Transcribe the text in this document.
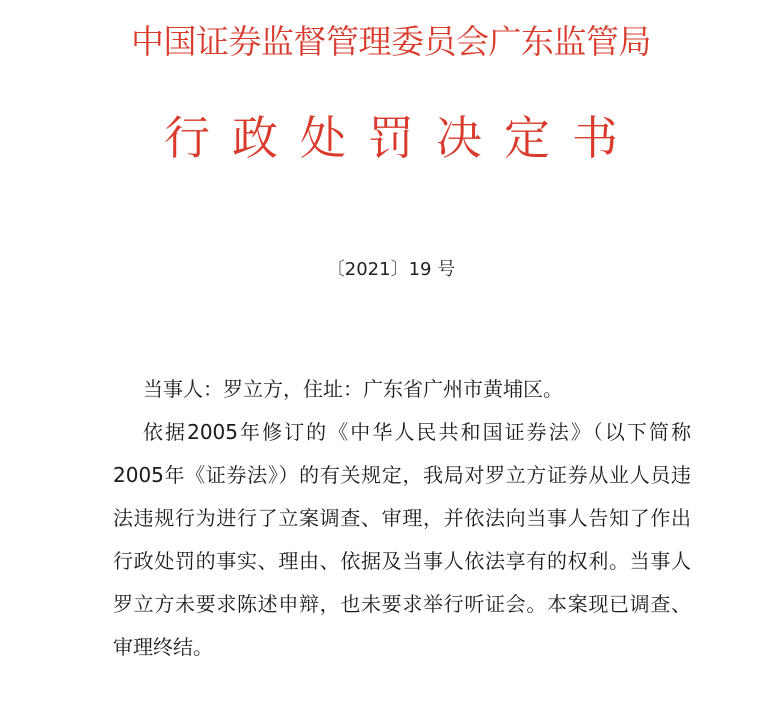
中国证券监督管理委员会广东监管局
行政处罚决定书
〔2021〕19 号

当事人：罗立方，住址：广东省广州市黄埔区。

依据2005年修订的《中华人民共和国证券法》（以下简称2005年《证券法》）的有关规定，我局对罗立方证券从业人员违法违规行为进行了立案调查、审理，并依法向当事人告知了作出行政处罚的事实、理由、依据及当事人依法享有的权利。当事人罗立方未要求陈述申辩，也未要求举行听证会。本案现已调查、审理终结。
